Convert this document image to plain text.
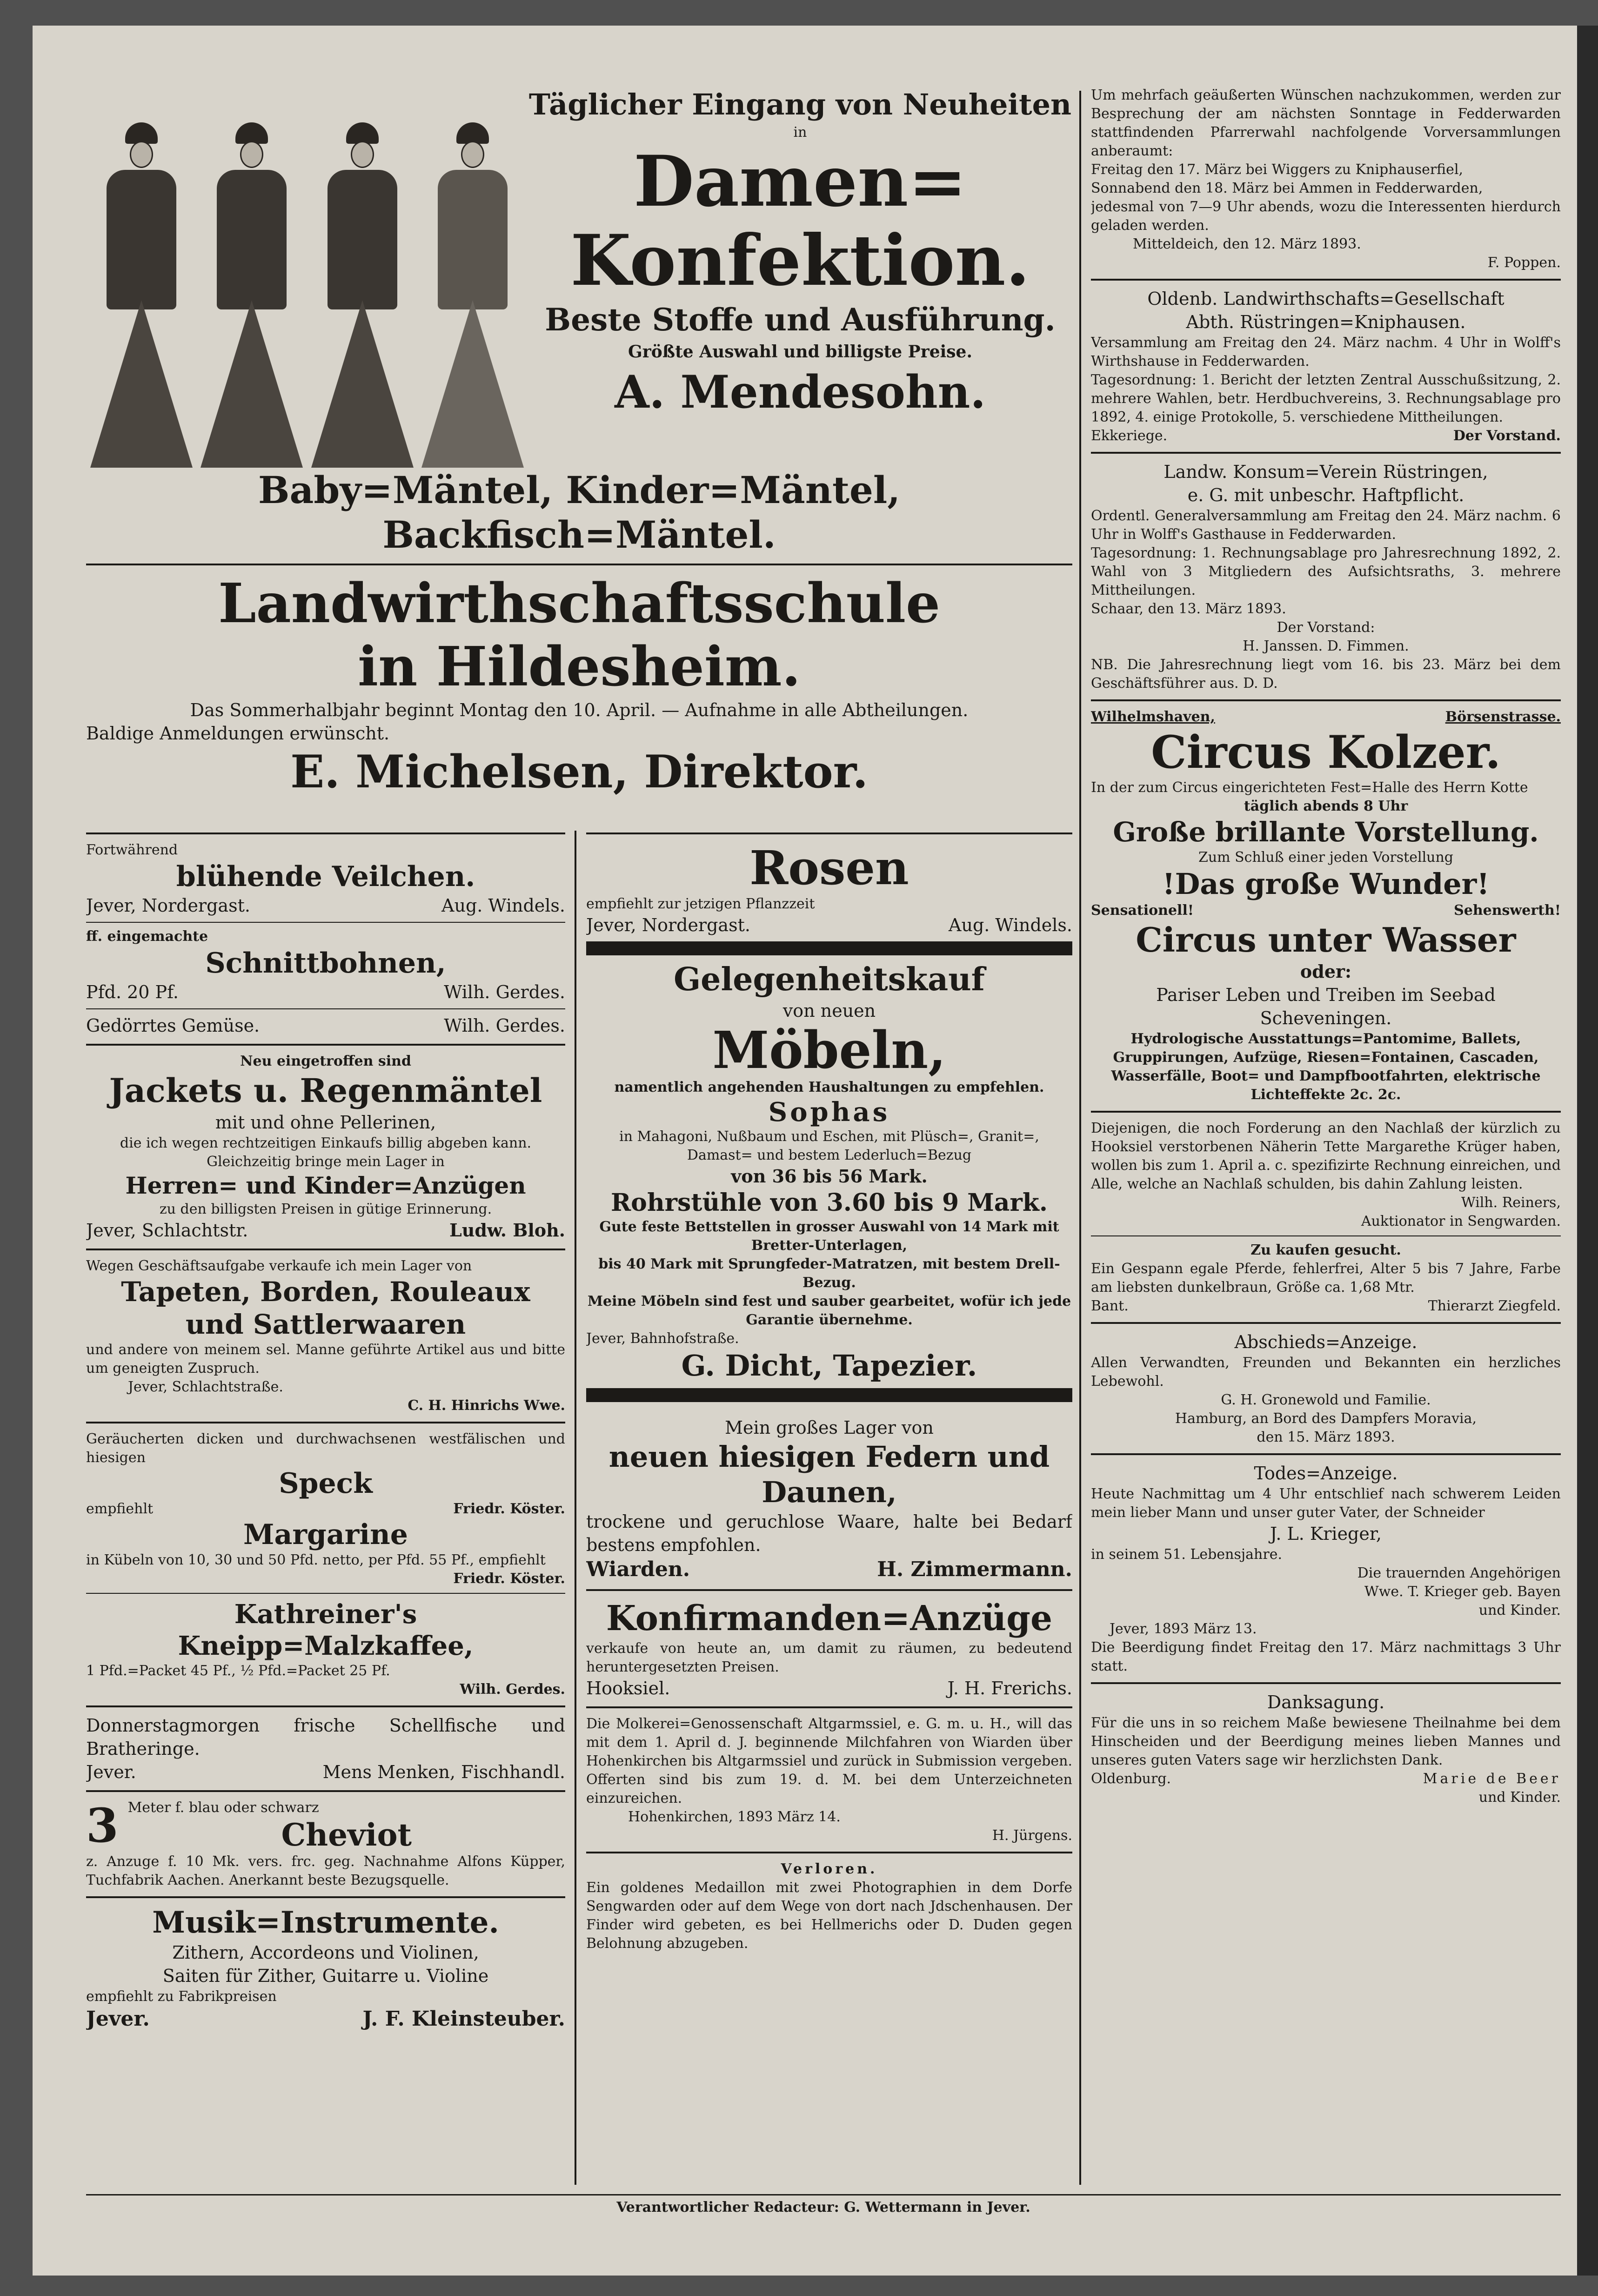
Täglicher Eingang von Neuheiten
in
Damen=
Konfektion.
Beste Stoffe und Ausführung.
Größte Auswahl und billigste Preise.
A. Mendesohn.
Baby=Mäntel, Kinder=Mäntel, Backfisch=Mäntel.
Landwirthschaftsschule
in Hildesheim.
Das Sommerhalbjahr beginnt Montag den 10. April. — Aufnahme in alle Abtheilungen.
Baldige Anmeldungen erwünscht.
E. Michelsen, Direktor.
Fortwährend
blühende Veilchen.
Jever, Nordergast.	Aug. Windels.
ff. eingemachte
Schnittbohnen,
Pfd. 20 Pf.	Wilh. Gerdes.
Gedörrtes Gemüse.	Wilh. Gerdes.
Neu eingetroffen sind
Jackets u. Regenmäntel
mit und ohne Pellerinen,
die ich wegen rechtzeitigen Einkaufs billig abgeben kann.
Gleichzeitig bringe mein Lager in
Herren= und Kinder=Anzügen
zu den billigsten Preisen in gütige Erinnerung.
Jever, Schlachtstr.	Ludw. Bloh.
Wegen Geschäftsaufgabe verkaufe ich mein Lager von
Tapeten, Borden, Rouleaux
und Sattlerwaaren
und andere von meinem sel. Manne geführte Artikel aus und bitte um geneigten Zuspruch.
Jever, Schlachtstraße.
C. H. Hinrichs Wwe.
Geräucherten dicken und durchwachsenen westfälischen und hiesigen
Speck
empfiehlt	Friedr. Köster.
Margarine
in Kübeln von 10, 30 und 50 Pfd. netto, per Pfd. 55 Pf., empfiehlt
Friedr. Köster.
Kathreiner's Kneipp=Malzkaffee,
1 Pfd.=Packet 45 Pf., ½ Pfd.=Packet 25 Pf.
Wilh. Gerdes.
Donnerstagmorgen frische Schellfische und Bratheringe.
Jever.	Mens Menken, Fischhandl.
3 Meter f. blau oder schwarz
Cheviot
z. Anzuge f. 10 Mk. vers. frc. geg. Nachnahme Alfons Küpper, Tuchfabrik Aachen. Anerkannt beste Bezugsquelle.
Musik=Instrumente.
Zithern, Accordeons und Violinen,
Saiten für Zither, Guitarre u. Violine
empfiehlt zu Fabrikpreisen
Jever.	J. F. Kleinsteuber.
Rosen
empfiehlt zur jetzigen Pflanzzeit
Jever, Nordergast.	Aug. Windels.
Gelegenheitskauf
von neuen
Möbeln,
namentlich angehenden Haushaltungen zu empfehlen.
Sophas
in Mahagoni, Nußbaum und Eschen, mit Plüsch=, Granit=, Damast= und bestem Lederluch=Bezug
von 36 bis 56 Mark.
Rohrstühle von 3.60 bis 9 Mark.
Gute feste Bettstellen in grosser Auswahl von 14 Mark mit Bretter-Unterlagen,
bis 40 Mark mit Sprungfeder-Matratzen, mit bestem Drell-Bezug.
Meine Möbeln sind fest und sauber gearbeitet, wofür ich jede Garantie übernehme.
Jever, Bahnhofstraße.
G. Dicht, Tapezier.
Mein großes Lager von
neuen hiesigen Federn und Daunen,
trockene und geruchlose Waare, halte bei Bedarf bestens empfohlen.
Wiarden.	H. Zimmermann.
Konfirmanden=Anzüge
verkaufe von heute an, um damit zu räumen, zu bedeutend heruntergesetzten Preisen.
Hooksiel.	J. H. Frerichs.
Die Molkerei=Genossenschaft Altgarmssiel, e. G. m. u. H., will das mit dem 1. April d. J. beginnende Milchfahren von Wiarden über Hohenkirchen bis Altgarmssiel und zurück in Submission vergeben. Offerten sind bis zum 19. d. M. bei dem Unterzeichneten einzureichen.
Hohenkirchen, 1893 März 14.
H. Jürgens.
Verloren.
Ein goldenes Medaillon mit zwei Photographien in dem Dorfe Sengwarden oder auf dem Wege von dort nach Jdschenhausen. Der Finder wird gebeten, es bei Hellmerichs oder D. Duden gegen Belohnung abzugeben.
Um mehrfach geäußerten Wünschen nachzukommen, werden zur Besprechung der am nächsten Sonntage in Fedderwarden stattfindenden Pfarrerwahl nachfolgende Vorversammlungen anberaumt:
Freitag den 17. März bei Wiggers zu Kniphauserfiel,
Sonnabend den 18. März bei Ammen in Fedderwarden,
jedesmal von 7—9 Uhr abends, wozu die Interessenten hierdurch geladen werden.
Mitteldeich, den 12. März 1893.
F. Poppen.
Oldenb. Landwirthschafts=Gesellschaft
Abth. Rüstringen=Kniphausen.
Versammlung am Freitag den 24. März nachm. 4 Uhr in Wolff's Wirthshause in Fedderwarden.
Tagesordnung: 1. Bericht der letzten Zentral Ausschußsitzung, 2. mehrere Wahlen, betr. Herdbuchvereins, 3. Rechnungsablage pro 1892, 4. einige Protokolle, 5. verschiedene Mittheilungen.
Ekkeriege.	Der Vorstand.
Landw. Konsum=Verein Rüstringen,
e. G. mit unbeschr. Haftpflicht.
Ordentl. Generalversammlung am Freitag den 24. März nachm. 6 Uhr in Wolff's Gasthause in Fedderwarden.
Tagesordnung: 1. Rechnungsablage pro Jahresrechnung 1892, 2. Wahl von 3 Mitgliedern des Aufsichtsraths, 3. mehrere Mittheilungen.
Schaar, den 13. März 1893.
Der Vorstand:
H. Janssen. D. Fimmen.
NB. Die Jahresrechnung liegt vom 16. bis 23. März bei dem Geschäftsführer aus. D. D.
Wilhelmshaven,	Börsenstrasse.
Circus Kolzer.
In der zum Circus eingerichteten Fest=Halle des Herrn Kotte
täglich abends 8 Uhr
Große brillante Vorstellung.
Zum Schluß einer jeden Vorstellung
!Das große Wunder!
Sensationell!	Sehenswerth!
Circus unter Wasser
oder:
Pariser Leben und Treiben im Seebad Scheveningen.
Hydrologische Ausstattungs=Pantomime, Ballets, Gruppirungen, Aufzüge, Riesen=Fontainen, Cascaden, Wasserfälle, Boot= und Dampfbootfahrten, elektrische Lichteffekte 2c. 2c.
Diejenigen, die noch Forderung an den Nachlaß der kürzlich zu Hooksiel verstorbenen Näherin Tette Margarethe Krüger haben, wollen bis zum 1. April a. c. spezifizirte Rechnung einreichen, und Alle, welche an Nachlaß schulden, bis dahin Zahlung leisten.
Wilh. Reiners,
Auktionator in Sengwarden.
Zu kaufen gesucht.
Ein Gespann egale Pferde, fehlerfrei, Alter 5 bis 7 Jahre, Farbe am liebsten dunkelbraun, Größe ca. 1,68 Mtr.
Bant.	Thierarzt Ziegfeld.
Abschieds=Anzeige.
Allen Verwandten, Freunden und Bekannten ein herzliches Lebewohl.
G. H. Gronewold und Familie.
Hamburg, an Bord des Dampfers Moravia,
den 15. März 1893.
Todes=Anzeige.
Heute Nachmittag um 4 Uhr entschlief nach schwerem Leiden mein lieber Mann und unser guter Vater, der Schneider
J. L. Krieger,
in seinem 51. Lebensjahre.
Die trauernden Angehörigen
Wwe. T. Krieger geb. Bayen
und Kinder.
Jever, 1893 März 13.
Die Beerdigung findet Freitag den 17. März nachmittags 3 Uhr statt.
Danksagung.
Für die uns in so reichem Maße bewiesene Theilnahme bei dem Hinscheiden und der Beerdigung meines lieben Mannes und unseres guten Vaters sage wir herzlichsten Dank.
Oldenburg.	Marie de Beer
und Kinder.
Verantwortlicher Redacteur: G. Wettermann in Jever.
